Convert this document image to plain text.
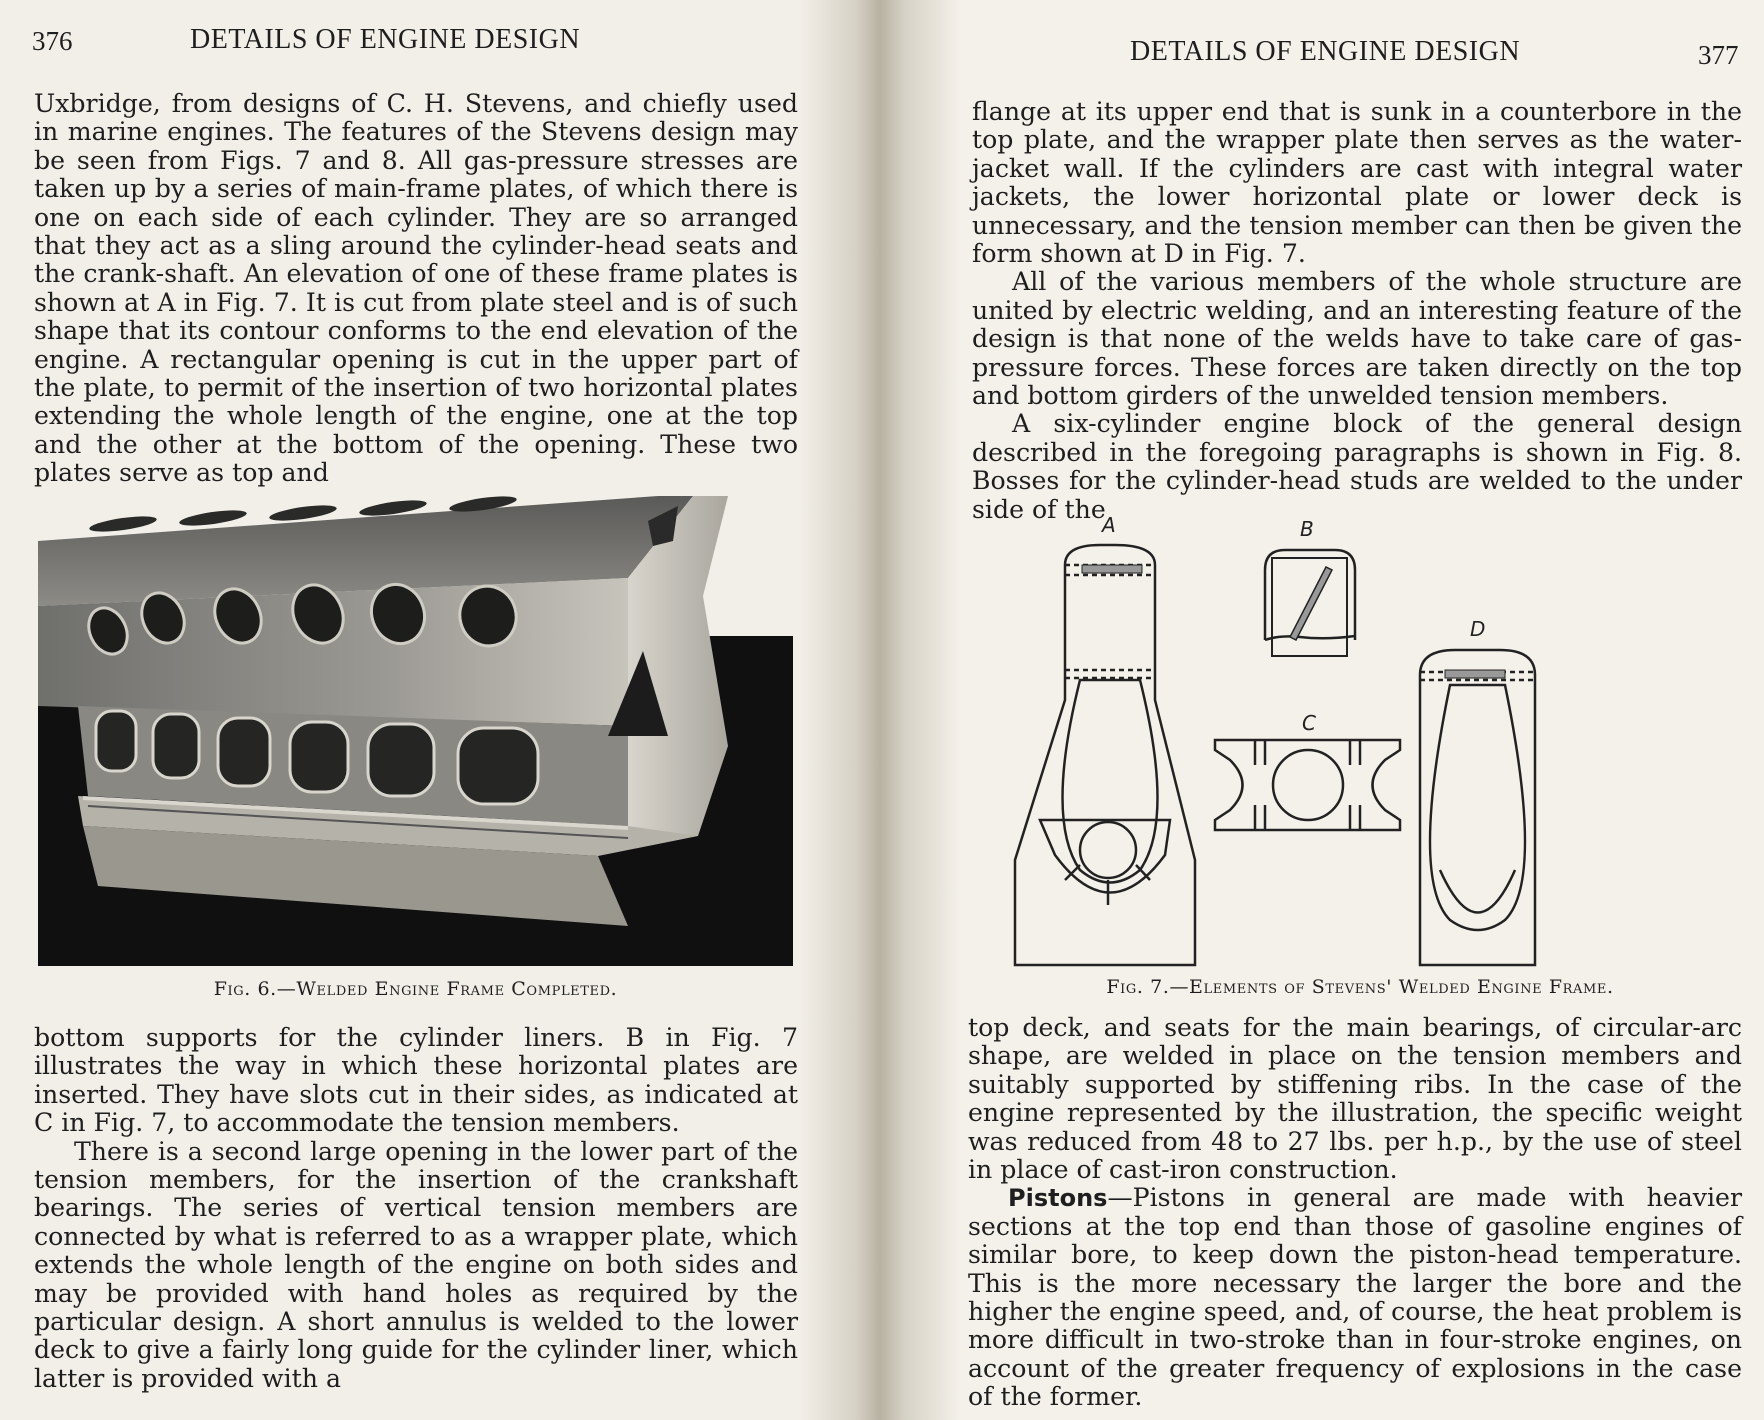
376	DETAILS OF ENGINE DESIGN

Uxbridge, from designs of C. H. Stevens, and chiefly used in marine engines. The features of the Stevens design may be seen from Figs. 7 and 8. All gas-pressure stresses are taken up by a series of main-frame plates, of which there is one on each side of each cylinder. They are so arranged that they act as a sling around the cylinder-head seats and the crank-shaft. An elevation of one of these frame plates is shown at A in Fig. 7. It is cut from plate steel and is of such shape that its contour conforms to the end elevation of the engine. A rectangular opening is cut in the upper part of the plate, to permit of the insertion of two horizontal plates extending the whole length of the engine, one at the top and the other at the bottom of the opening. These two plates serve as top and

Fig. 6.—Welded Engine Frame Completed.

bottom supports for the cylinder liners. B in Fig. 7 illustrates the way in which these horizontal plates are inserted. They have slots cut in their sides, as indicated at C in Fig. 7, to accommodate the tension members.

There is a second large opening in the lower part of the tension members, for the insertion of the crankshaft bearings. The series of vertical tension members are connected by what is referred to as a wrapper plate, which extends the whole length of the engine on both sides and may be provided with hand holes as required by the particular design. A short annulus is welded to the lower deck to give a fairly long guide for the cylinder liner, which latter is provided with a

DETAILS OF ENGINE DESIGN	377

flange at its upper end that is sunk in a counterbore in the top plate, and the wrapper plate then serves as the water-jacket wall. If the cylinders are cast with integral water jackets, the lower horizontal plate or lower deck is unnecessary, and the tension member can then be given the form shown at D in Fig. 7.

All of the various members of the whole structure are united by electric welding, and an interesting feature of the design is that none of the welds have to take care of gas-pressure forces. These forces are taken directly on the top and bottom girders of the unwelded tension members.

A six-cylinder engine block of the general design described in the foregoing paragraphs is shown in Fig. 8. Bosses for the cylinder-head studs are welded to the under side of the

Fig. 7.—Elements of Stevens' Welded Engine Frame.

top deck, and seats for the main bearings, of circular-arc shape, are welded in place on the tension members and suitably supported by stiffening ribs. In the case of the engine represented by the illustration, the specific weight was reduced from 48 to 27 lbs. per h.p., by the use of steel in place of cast-iron construction.

Pistons—Pistons in general are made with heavier sections at the top end than those of gasoline engines of similar bore, to keep down the piston-head temperature. This is the more necessary the larger the bore and the higher the engine speed, and, of course, the heat problem is more difficult in two-stroke than in four-stroke engines, on account of the greater frequency of explosions in the case of the former.

A	B
C
D
